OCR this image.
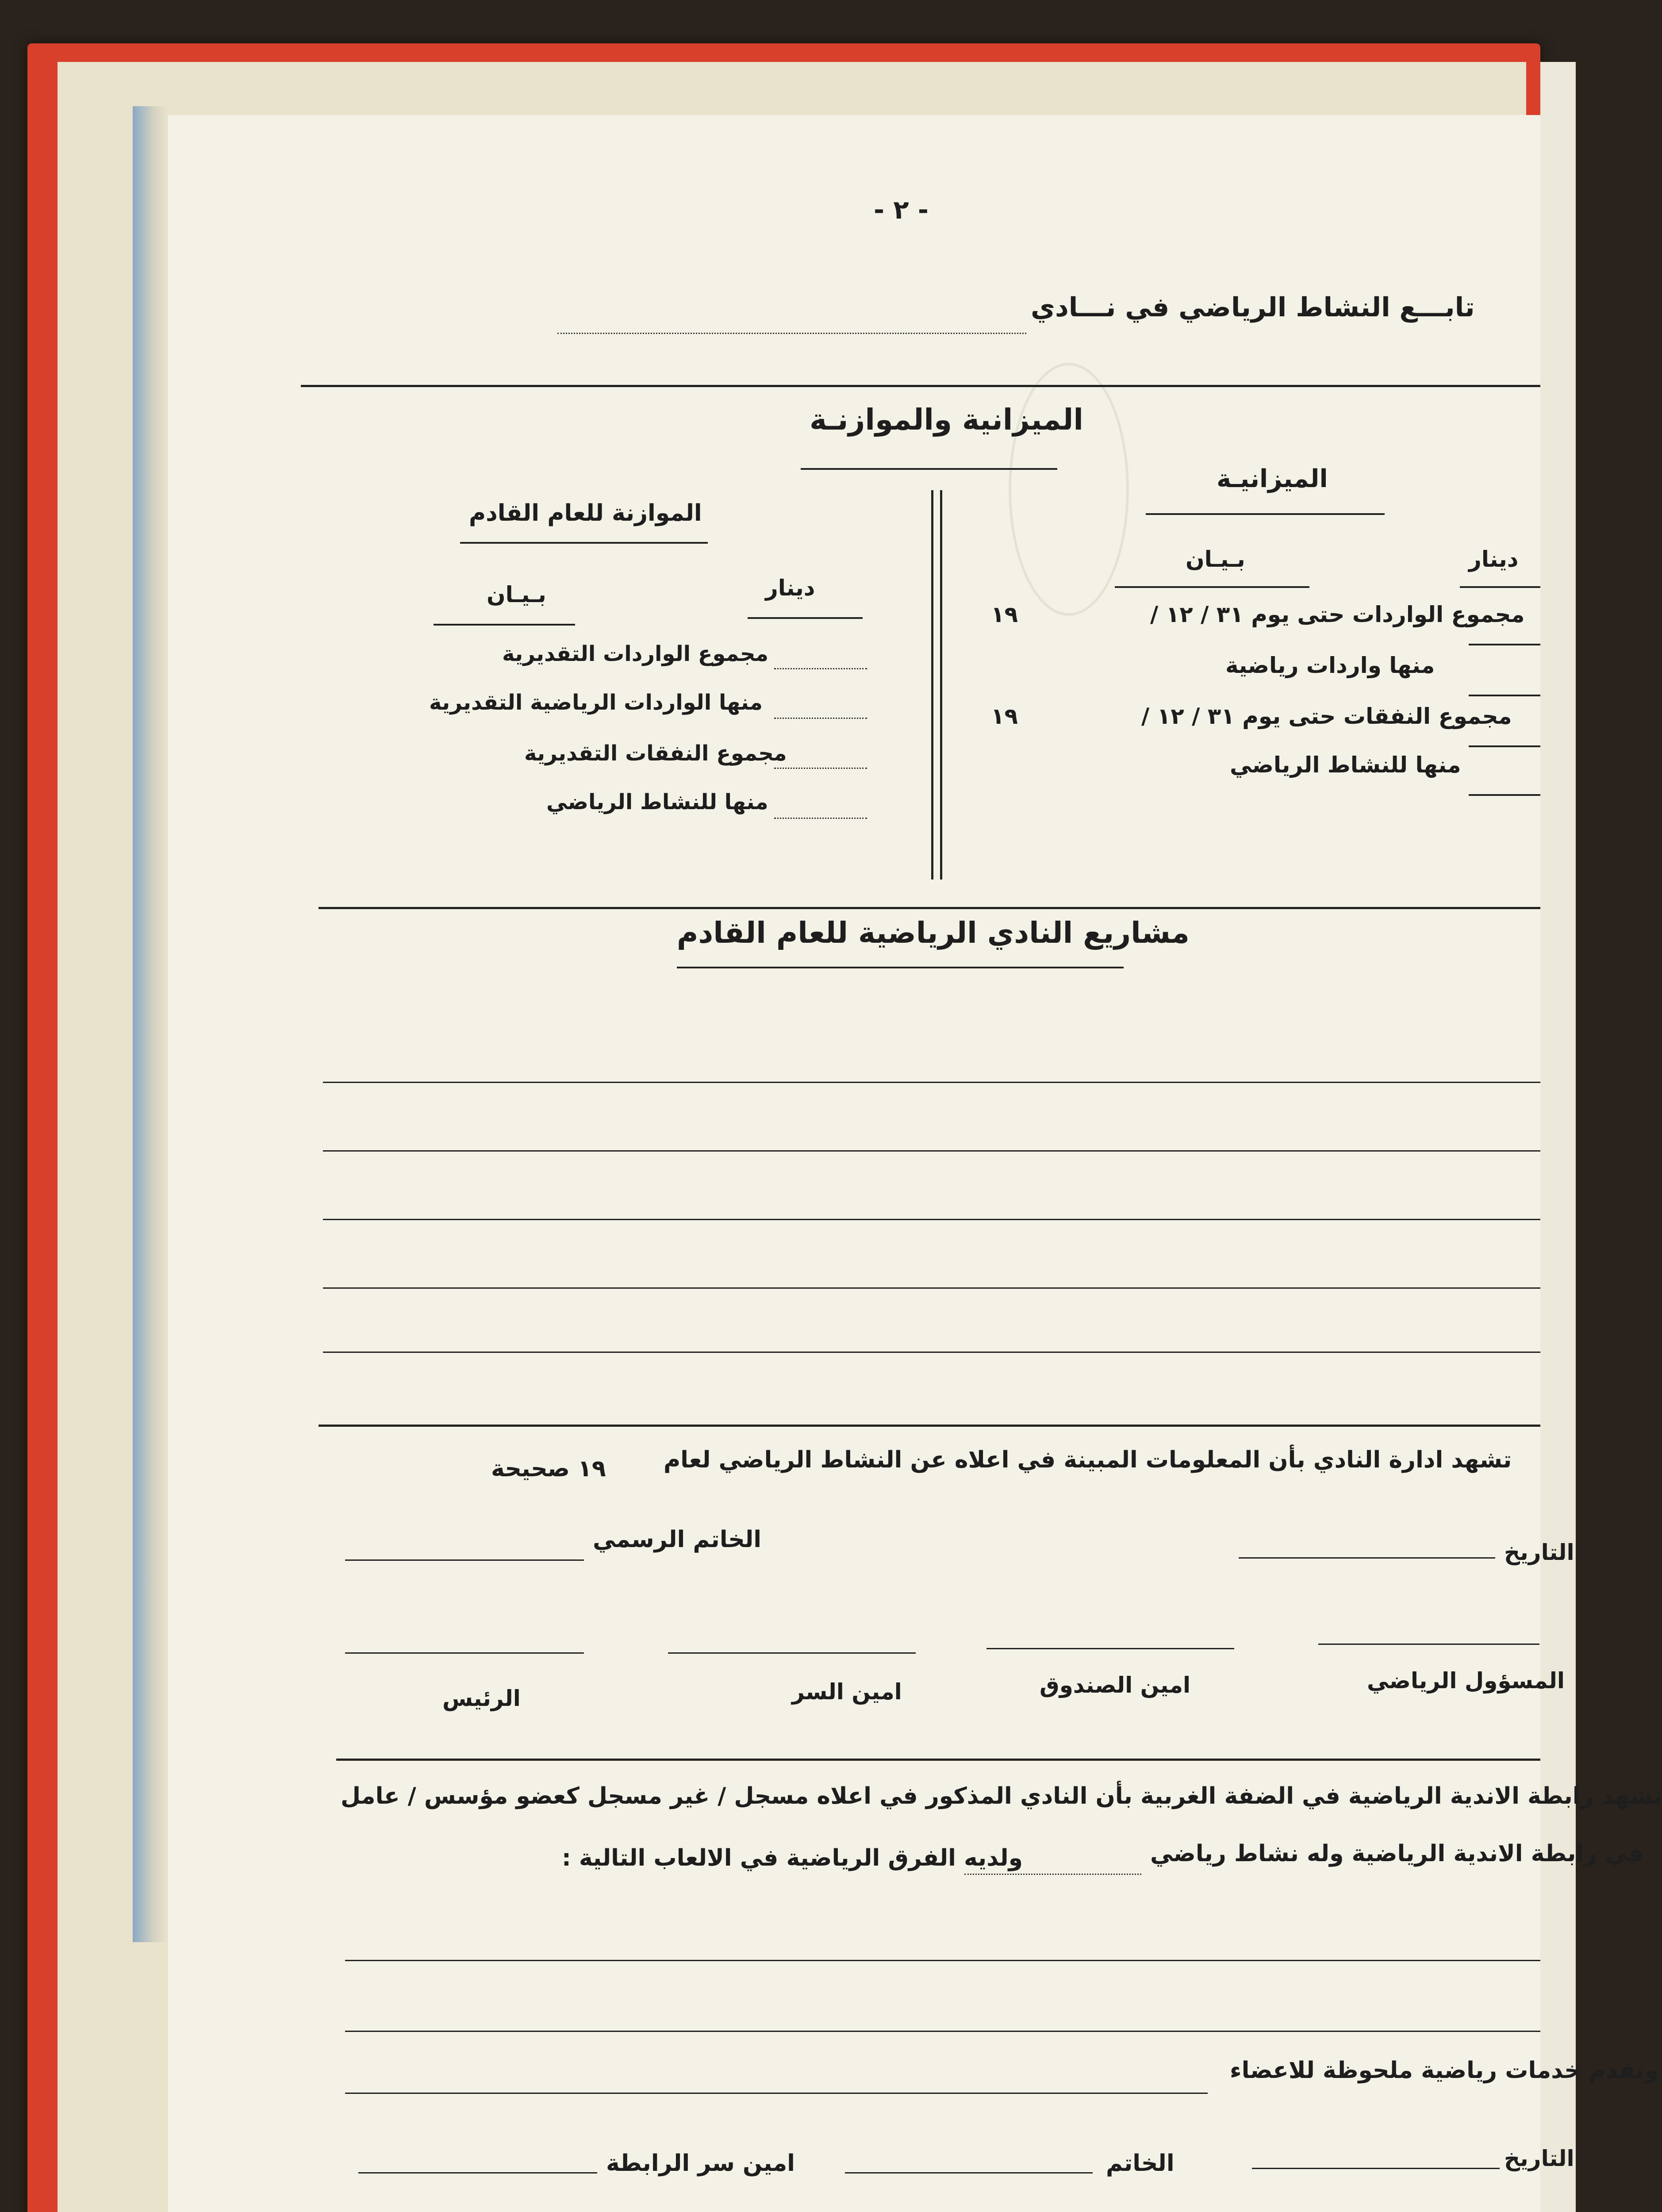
- ٢ -
تابـــع النشاط الرياضي في نـــادي
الميزانية والموازنـة
الميزانيـة
بـيـان	دينار
مجموع الواردات حتى يوم ٣١ / ١٢ /
١٩
منها واردات رياضية
مجموع النفقات حتى يوم ٣١ / ١٢ /
١٩
منها للنشاط الرياضي
الموازنة للعام القادم
بـيـان	دينار
مجموع الواردات التقديرية
منها الواردات الرياضية التقديرية
مجموع النفقات التقديرية
منها للنشاط الرياضي
مشاريع النادي الرياضية للعام القادم
تشهد ادارة النادي بأن المعلومات المبينة في اعلاه عن النشاط الرياضي لعام
١٩ صحيحة
التاريخ
الخاتم الرسمي
المسؤول الرياضي
امين الصندوق
امين السر
الرئيس
تشهد رابطة الاندية الرياضية في الضفة الغربية بأن النادي المذكور في اعلاه مسجل / غير مسجل كعضو مؤسس / عامل
في رابطة الاندية الرياضية وله نشاط رياضي
ولديه الفرق الرياضية في الالعاب التالية :
وتقدم خدمات رياضية ملحوظة للاعضاء
التاريخ
الخاتم
امين سر الرابطة
